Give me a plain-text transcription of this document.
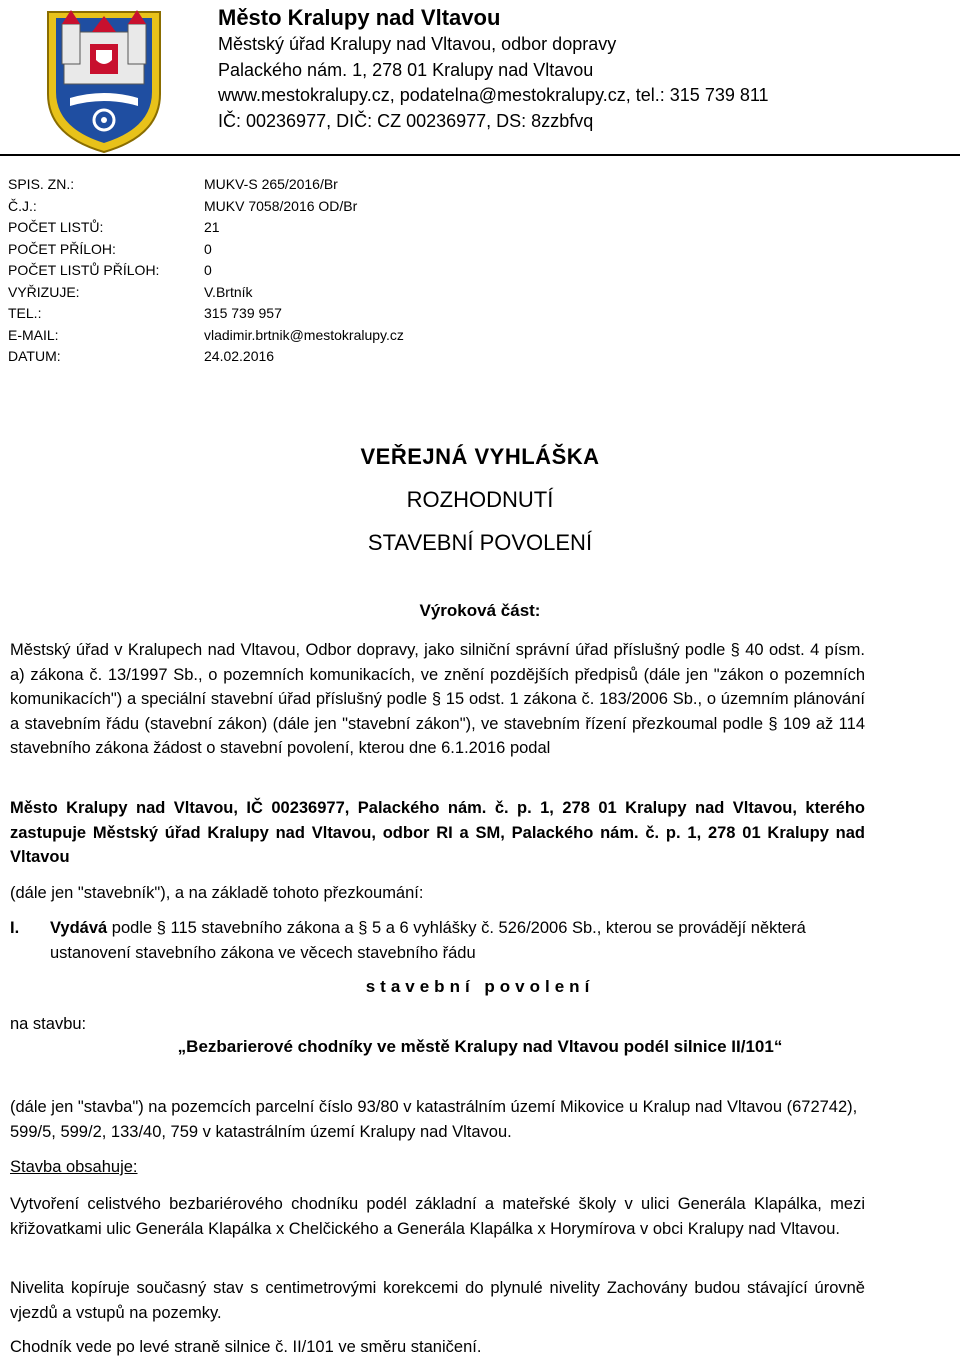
Město Kralupy nad Vltavou
Městský úřad Kralupy nad Vltavou, odbor dopravy
Palackého nám. 1, 278 01 Kralupy nad Vltavou
www.mestokralupy.cz, podatelna@mestokralupy.cz, tel.: 315 739 811
IČ: 00236977, DIČ: CZ 00236977, DS: 8zzbfvq
SPIS. ZN.:	MUKV-S 265/2016/Br
Č.J.:	MUKV 7058/2016 OD/Br
POČET LISTŮ:	21
POČET PŘÍLOH:	0
POČET LISTŮ PŘÍLOH:	0
VYŘIZUJE:	V.Brtník
TEL.:	315 739 957
E-MAIL:	vladimir.brtnik@mestokralupy.cz
DATUM:	24.02.2016
VEŘEJNÁ VYHLÁŠKA
ROZHODNUTÍ
STAVEBNÍ POVOLENÍ
Výroková část:
Městský úřad v Kralupech nad Vltavou, Odbor dopravy, jako silniční správní úřad příslušný podle § 40 odst. 4 písm. a) zákona č. 13/1997 Sb., o pozemních komunikacích, ve znění pozdějších předpisů (dále jen "zákon o pozemních komunikacích") a speciální stavební úřad příslušný podle § 15 odst. 1 zákona č. 183/2006 Sb., o územním plánování a stavebním řádu (stavební zákon) (dále jen "stavební zákon"), ve stavebním řízení přezkoumal podle § 109 až 114 stavebního zákona žádost o stavební povolení, kterou dne 6.1.2016 podal
Město Kralupy nad Vltavou, IČ 00236977, Palackého nám. č. p. 1, 278 01 Kralupy nad Vltavou, kterého zastupuje Městský úřad Kralupy nad Vltavou, odbor RI a SM, Palackého nám. č. p. 1, 278 01 Kralupy nad Vltavou
(dále jen "stavebník"), a na základě tohoto přezkoumání:
I. Vydává podle § 115 stavebního zákona a § 5 a 6 vyhlášky č. 526/2006 Sb., kterou se provádějí některá ustanovení stavebního zákona ve věcech stavebního řádu
stavební povolení
na stavbu:
„Bezbarierové chodníky ve městě Kralupy nad Vltavou podél silnice II/101“
(dále jen "stavba") na pozemcích parcelní číslo 93/80 v katastrálním území Mikovice u Kralup nad Vltavou (672742), 599/5, 599/2, 133/40, 759 v katastrálním území Kralupy nad Vltavou.
Stavba obsahuje:
Vytvoření celistvého bezbariérového chodníku podél základní a mateřské školy v ulici Generála Klapálka, mezi křižovatkami ulic Generála Klapálka x Chelčického a Generála Klapálka x Horymírova v obci Kralupy nad Vltavou.
Nivelita kopíruje současný stav s centimetrovými korekcemi do plynulé nivelity Zachovány budou stávající úrovně vjezdů a vstupů na pozemky.
Chodník vede po levé straně silnice č. II/101 ve směru staničení.
